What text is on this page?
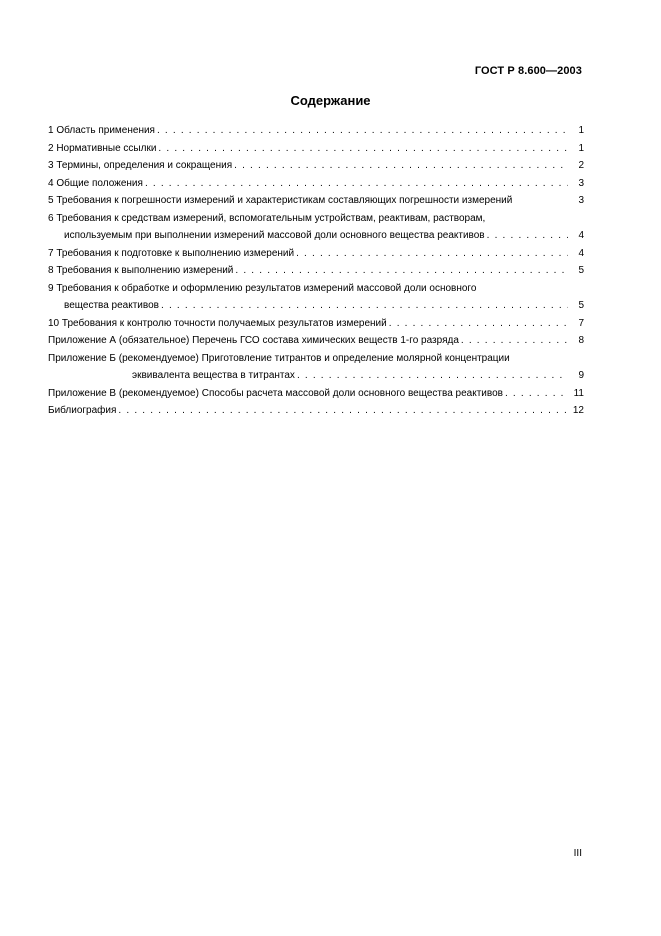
ГОСТ Р 8.600—2003
Содержание
1 Область применения . . .	1
2 Нормативные ссылки . . .	1
3 Термины, определения и сокращения . . .	2
4 Общие положения . . .	3
5 Требования к погрешности измерений и характеристикам составляющих погрешности измерений	3
6 Требования к средствам измерений, вспомогательным устройствам, реактивам, растворам,
используемым при выполнении измерений массовой доли основного вещества реактивов . . .	4
7 Требования к подготовке к выполнению измерений . . .	4
8 Требования к выполнению измерений . . .	5
9 Требования к обработке и оформлению результатов измерений массовой доли основного
вещества реактивов . . .	5
10 Требования к контролю точности получаемых результатов измерений . . .	7
Приложение А (обязательное) Перечень ГСО состава химических веществ 1-го разряда . . .	8
Приложение Б (рекомендуемое) Приготовление титрантов и определение молярной концентрации
эквивалента вещества в титрантах . . .	9
Приложение В (рекомендуемое) Способы расчета массовой доли основного вещества реактивов . . .	11
Библиография . . .	12
III
